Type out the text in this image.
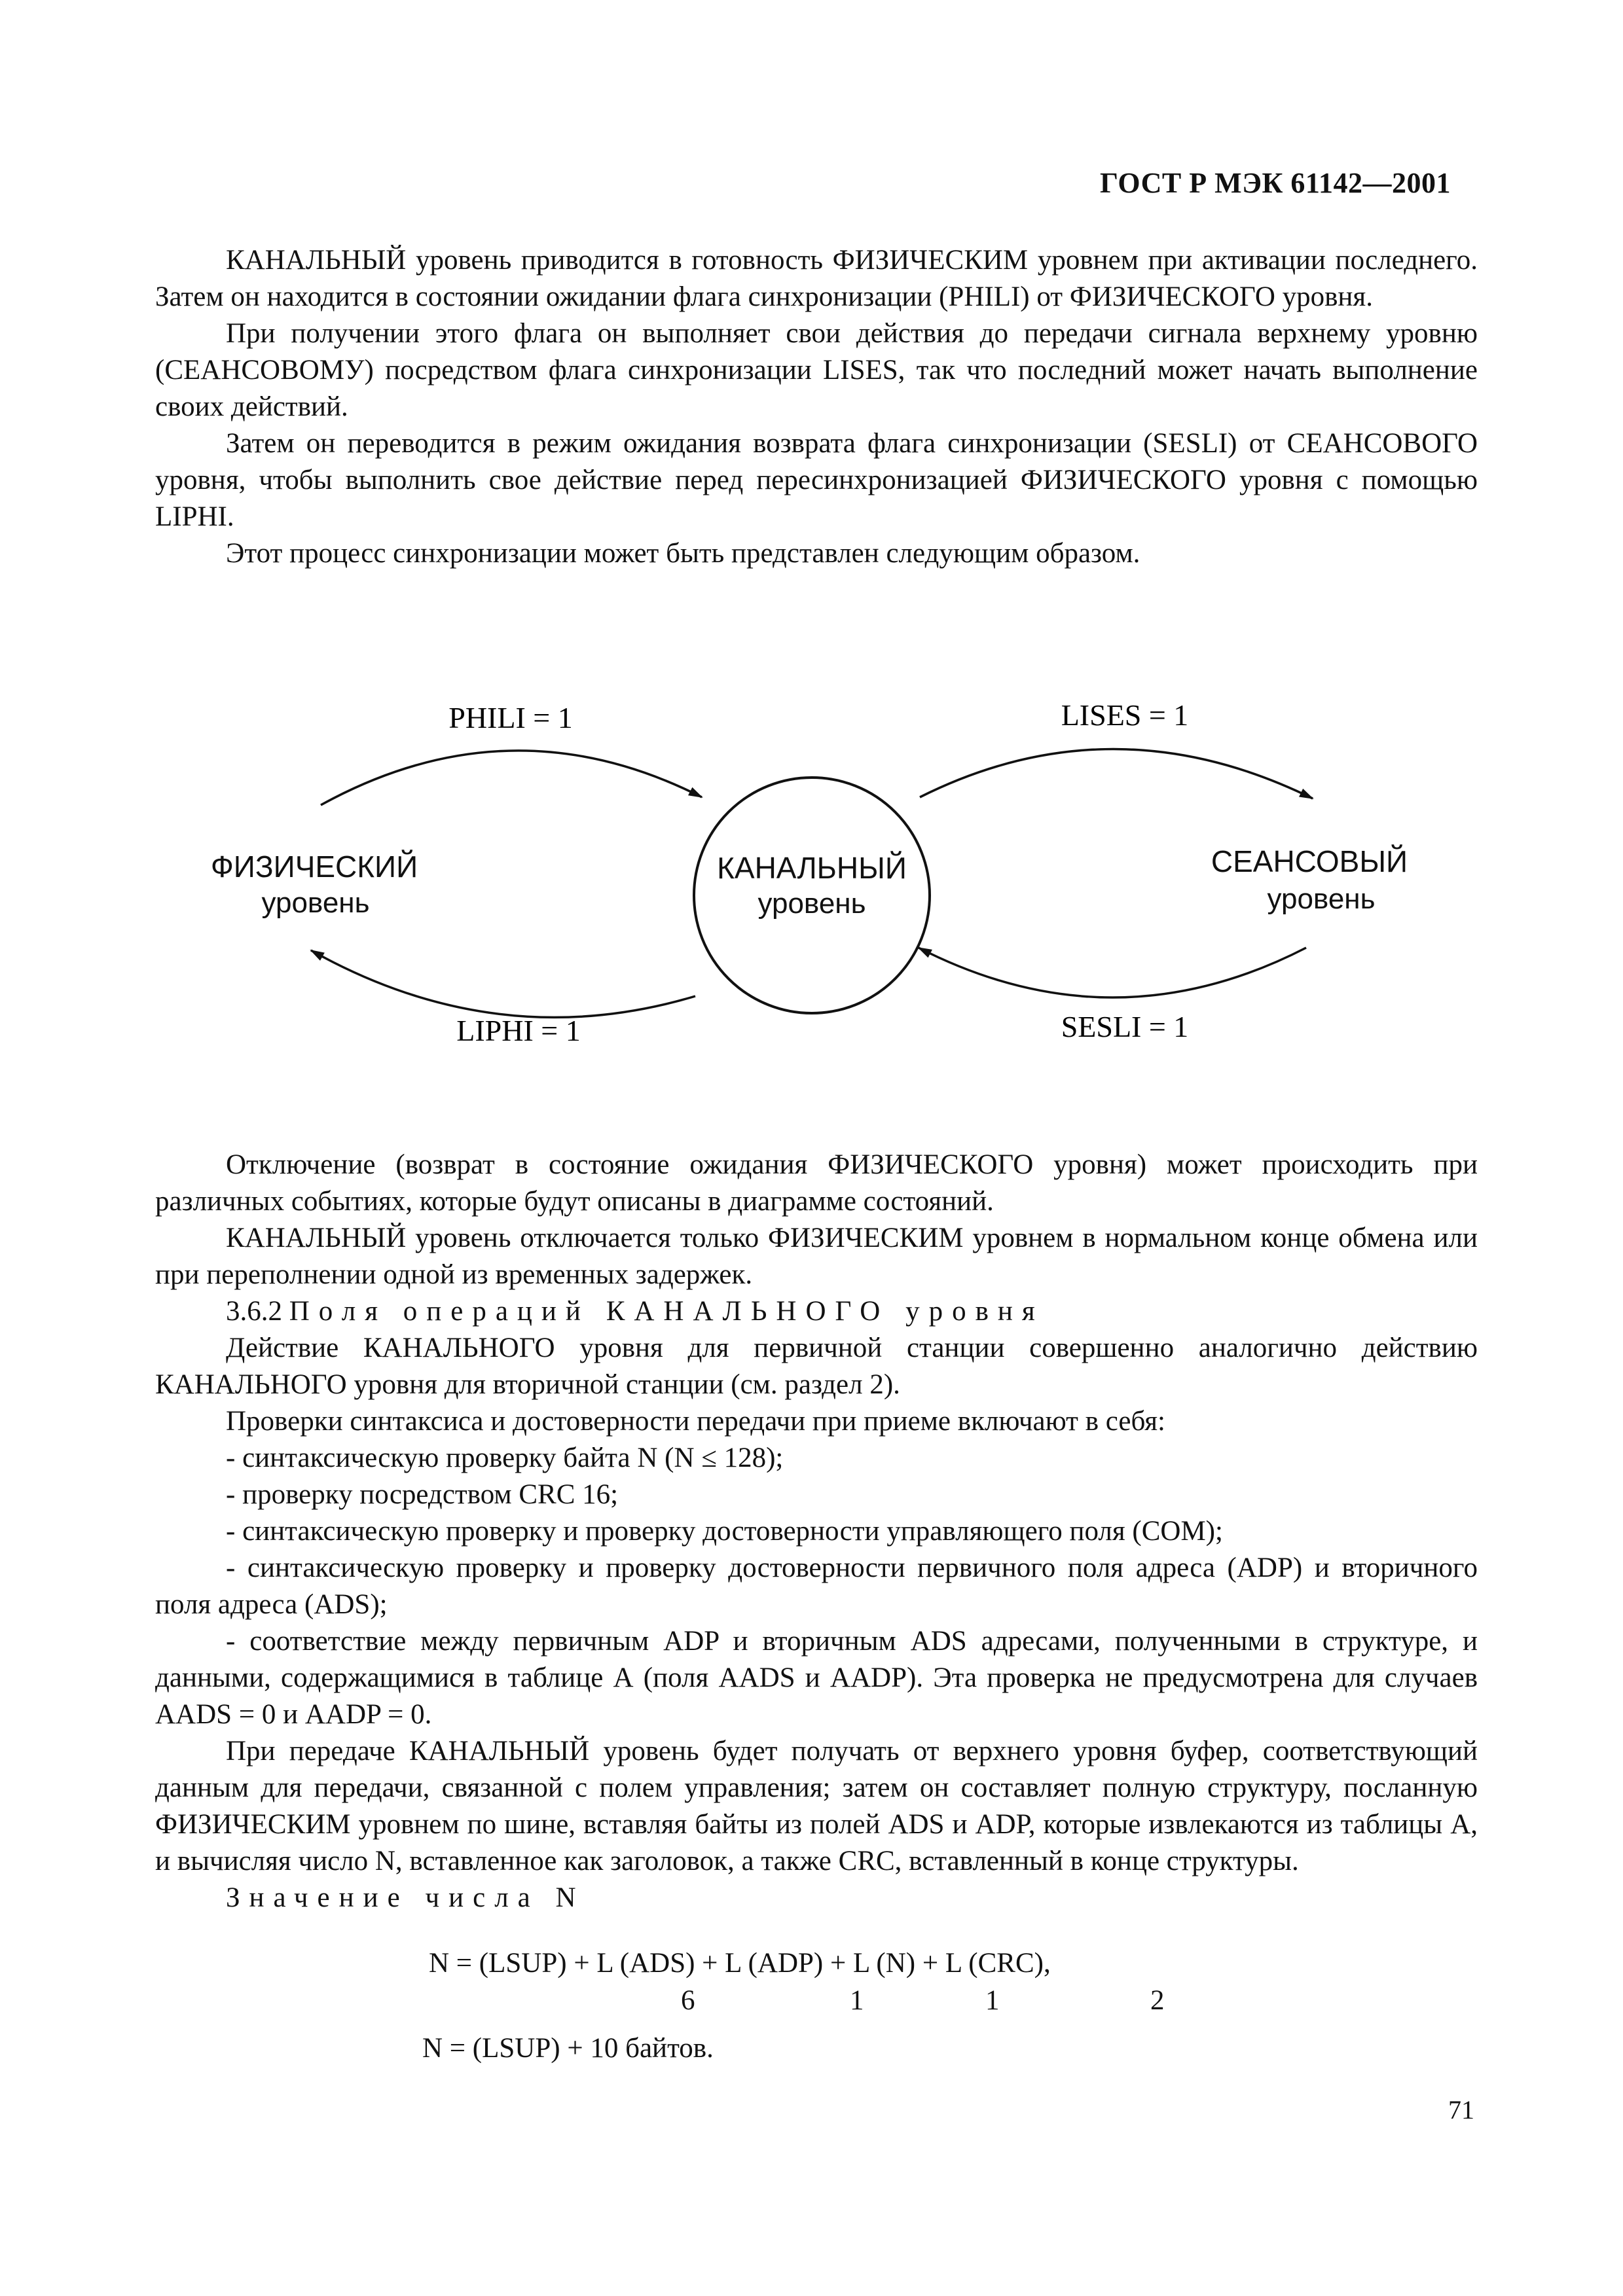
ГОСТ Р МЭК 61142—2001

КАНАЛЬНЫЙ уровень приводится в готовность ФИЗИЧЕСКИМ уровнем при активации последнего. Затем он находится в состоянии ожидании флага синхронизации (PHILI) от ФИЗИЧЕСКОГО уровня.

При получении этого флага он выполняет свои действия до передачи сигнала верхнему уровню (СЕАНСОВОМУ) посредством флага синхронизации LISES, так что последний может начать выполнение своих действий.

Затем он переводится в режим ожидания возврата флага синхронизации (SESLI) от СЕАНСОВОГО уровня, чтобы выполнить свое действие перед пересинхронизацией ФИЗИЧЕСКОГО уровня с помощью LIPHI.

Этот процесс синхронизации может быть представлен следующим образом.

КАНАЛЬНЫЙ
уровень
ФИЗИЧЕСКИЙ
уровень
СЕАНСОВЫЙ
уровень
PHILI = 1	LISES = 1
LIPHI = 1	SESLI = 1

Отключение (возврат в состояние ожидания ФИЗИЧЕСКОГО уровня) может происходить при различных событиях, которые будут описаны в диаграмме состояний.

КАНАЛЬНЫЙ уровень отключается только ФИЗИЧЕСКИМ уровнем в нормальном конце обмена или при переполнении одной из временных задержек.

3.6.2 Поля операций КАНАЛЬНОГО уровня

Действие КАНАЛЬНОГО уровня для первичной станции совершенно аналогично действию КАНАЛЬНОГО уровня для вторичной станции (см. раздел 2).

Проверки синтаксиса и достоверности передачи при приеме включают в себя:

- синтаксическую проверку байта N (N ≤ 128);

- проверку посредством CRC 16;

- синтаксическую проверку и проверку достоверности управляющего поля (COM);

- синтаксическую проверку и проверку достоверности первичного поля адреса (ADP) и вторичного поля адреса (ADS);

- соответствие между первичным ADP и вторичным ADS адресами, полученными в структуре, и данными, содержащимися в таблице А (поля AADS и AADP). Эта проверка не предусмотрена для случаев AADS = 0 и AADP = 0.

При передаче КАНАЛЬНЫЙ уровень будет получать от верхнего уровня буфер, соответствующий данным для передачи, связанной с полем управления; затем он составляет полную структуру, посланную ФИЗИЧЕСКИМ уровнем по шине, вставляя байты из полей ADS и ADP, которые извлекаются из таблицы А, и вычисляя число N, вставленное как заголовок, а также CRC, вставленный в конце структуры.

Значение числа N

N = (LSUP) + L (ADS) + L (ADP) + L (N) + L (CRC),
6	1	1	2
N = (LSUP) + 10 байтов.
71
